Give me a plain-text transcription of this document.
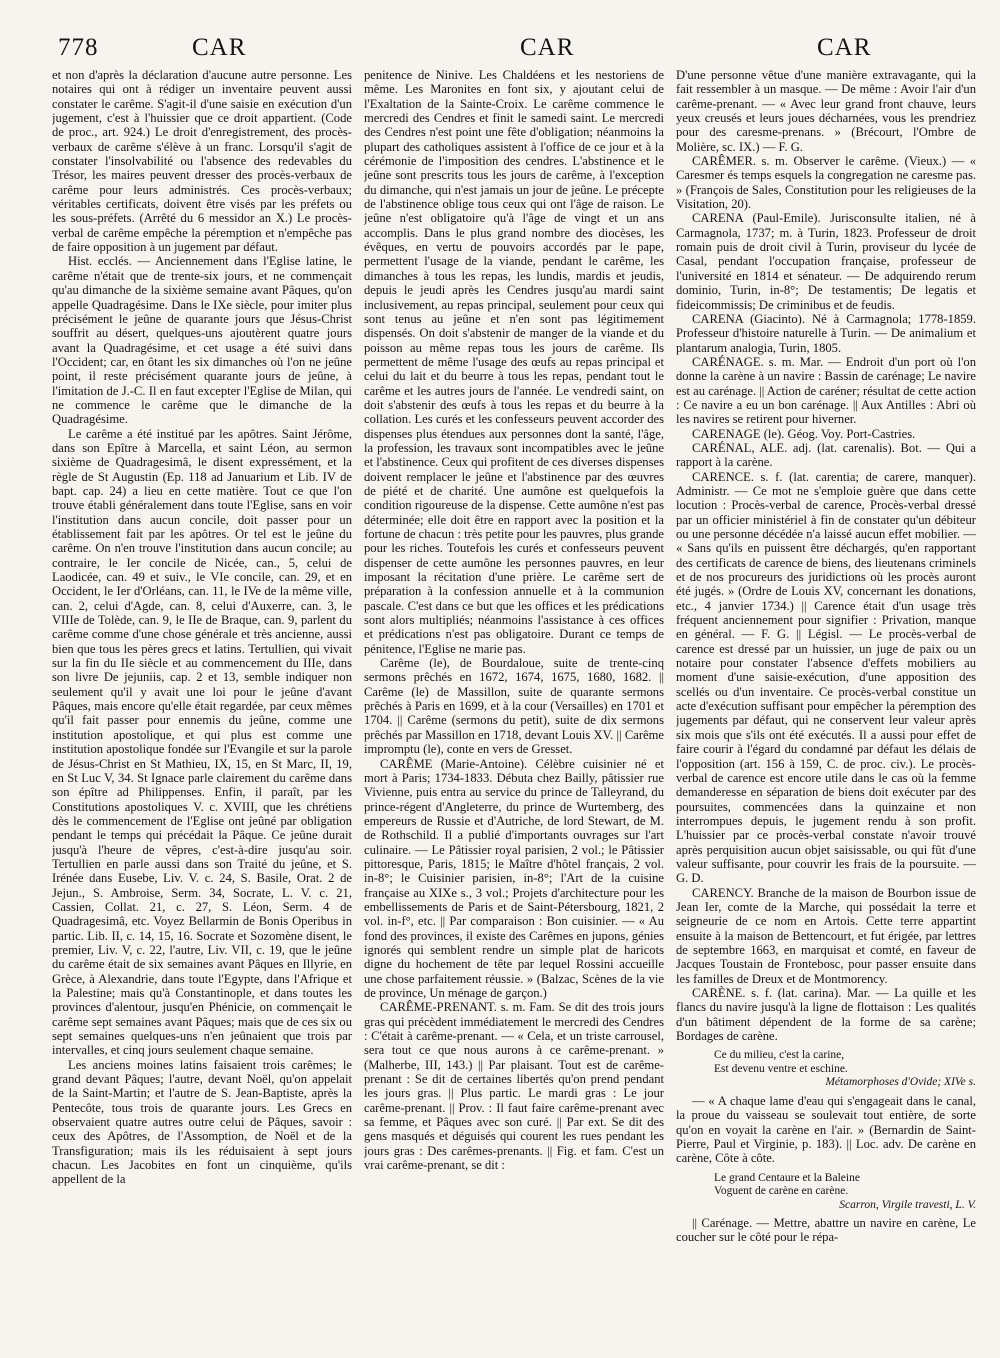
778	CAR	CAR	CAR

et non d'après la déclaration d'aucune autre personne. Les notaires qui ont à rédiger un inventaire peuvent aussi constater le carême. S'agit-il d'une saisie en exécution d'un jugement, c'est à l'huissier que ce droit appartient. (Code de proc., art. 924.) Le droit d'enregistrement, des procès-verbaux de carême s'élève à un franc. Lorsqu'il s'agit de constater l'insolvabilité ou l'absence des redevables du Trésor, les maires peuvent dresser des procès-verbaux de carême pour leurs administrés. Ces procès-verbaux; véritables certificats, doivent être visés par les préfets ou les sous-préfets. (Arrêté du 6 messidor an X.) Le procès-verbal de carême empêche la péremption et n'empêche pas de faire opposition à un jugement par défaut.

Hist. ecclés. — Anciennement dans l'Eglise latine, le carême n'était que de trente-six jours, et ne commençait qu'au dimanche de la sixième semaine avant Pâques, qu'on appelle Quadragésime. Dans le IXe siècle, pour imiter plus précisément le jeûne de quarante jours que Jésus-Christ souffrit au désert, quelques-uns ajoutèrent quatre jours avant la Quadragésime, et cet usage a été suivi dans l'Occident; car, en ôtant les six dimanches où l'on ne jeûne point, il reste précisément quarante jours de jeûne, à l'imitation de J.-C. Il en faut excepter l'Eglise de Milan, qui ne commence le carême que le dimanche de la Quadragésime.

Le carême a été institué par les apôtres. Saint Jérôme, dans son Epître à Marcella, et saint Léon, au sermon sixième de Quadragesimâ, le disent expressément, et la règle de St Augustin (Ep. 118 ad Januarium et Lib. IV de bapt. cap. 24) a lieu en cette matière. Tout ce que l'on trouve établi généralement dans toute l'Eglise, sans en voir l'institution dans aucun concile, doit passer pour un établissement fait par les apôtres. Or tel est le jeûne du carême. On n'en trouve l'institution dans aucun concile; au contraire, le Ier concile de Nicée, can., 5, celui de Laodicée, can. 49 et suiv., le VIe concile, can. 29, et en Occident, le Ier d'Orléans, can. 11, le IVe de la même ville, can. 2, celui d'Agde, can. 8, celui d'Auxerre, can. 3, le VIIIe de Tolède, can. 9, le IIe de Braque, can. 9, parlent du carême comme d'une chose générale et très ancienne, aussi bien que tous les pères grecs et latins. Tertullien, qui vivait sur la fin du IIe siècle et au commencement du IIIe, dans son livre De jejuniis, cap. 2 et 13, semble indiquer non seulement qu'il y avait une loi pour le jeûne d'avant Pâques, mais encore qu'elle était regardée, par ceux mêmes qu'il fait passer pour ennemis du jeûne, comme une institution apostolique, et qui plus est comme une institution apostolique fondée sur l'Evangile et sur la parole de Jésus-Christ en St Mathieu, IX, 15, en St Marc, II, 19, en St Luc V, 34. St Ignace parle clairement du carême dans son épître ad Philippenses. Enfin, il paraît, par les Constitutions apostoliques V. c. XVIII, que les chrétiens dès le commencement de l'Eglise ont jeûné par obligation pendant le temps qui précédait la Pâque. Ce jeûne durait jusqu'à l'heure de vêpres, c'est-à-dire jusqu'au soir. Tertullien en parle aussi dans son Traité du jeûne, et S. Irénée dans Eusebe, Liv. V. c. 24, S. Basile, Orat. 2 de Jejun., S. Ambroise, Serm. 34, Socrate, L. V. c. 21, Cassien, Collat. 21, c. 27, S. Léon, Serm. 4 de Quadragesimâ, etc. Voyez Bellarmin de Bonis Operibus in partic. Lib. II, c. 14, 15, 16. Socrate et Sozomène disent, le premier, Liv. V, c. 22, l'autre, Liv. VII, c. 19, que le jeûne du carême était de six semaines avant Pâques en Illyrie, en Grèce, à Alexandrie, dans toute l'Egypte, dans l'Afrique et la Palestine; mais qu'à Constantinople, et dans toutes les provinces d'alentour, jusqu'en Phénicie, on commençait le carême sept semaines avant Pâques; mais que de ces six ou sept semaines quelques-uns n'en jeûnaient que trois par intervalles, et cinq jours seulement chaque semaine.

Les anciens moines latins faisaient trois carêmes; le grand devant Pâques; l'autre, devant Noël, qu'on appelait de la Saint-Martin; et l'autre de S. Jean-Baptiste, après la Pentecôte, tous trois de quarante jours. Les Grecs en observaient quatre autres outre celui de Pâques, savoir : ceux des Apôtres, de l'Assomption, de Noël et de la Transfiguration; mais ils les réduisaient à sept jours chacun. Les Jacobites en font un cinquième, qu'ils appellent de la

penitence de Ninive. Les Chaldéens et les nestoriens de même. Les Maronites en font six, y ajoutant celui de l'Exaltation de la Sainte-Croix. Le carême commence le mercredi des Cendres et finit le samedi saint. Le mercredi des Cendres n'est point une fête d'obligation; néanmoins la plupart des catholiques assistent à l'office de ce jour et à la cérémonie de l'imposition des cendres. L'abstinence et le jeûne sont prescrits tous les jours de carême, à l'exception du dimanche, qui n'est jamais un jour de jeûne. Le précepte de l'abstinence oblige tous ceux qui ont l'âge de raison. Le jeûne n'est obligatoire qu'à l'âge de vingt et un ans accomplis. Dans le plus grand nombre des diocèses, les évêques, en vertu de pouvoirs accordés par le pape, permettent l'usage de la viande, pendant le carême, les dimanches à tous les repas, les lundis, mardis et jeudis, depuis le jeudi après les Cendres jusqu'au mardi saint inclusivement, au repas principal, seulement pour ceux qui sont tenus au jeûne et n'en sont pas légitimement dispensés. On doit s'abstenir de manger de la viande et du poisson au même repas tous les jours de carême. Ils permettent de même l'usage des œufs au repas principal et celui du lait et du beurre à tous les repas, pendant tout le carême et les autres jours de l'année. Le vendredi saint, on doit s'abstenir des œufs à tous les repas et du beurre à la collation. Les curés et les confesseurs peuvent accorder des dispenses plus étendues aux personnes dont la santé, l'âge, la profession, les travaux sont incompatibles avec le jeûne et l'abstinence. Ceux qui profitent de ces diverses dispenses doivent remplacer le jeûne et l'abstinence par des œuvres de piété et de charité. Une aumône est quelquefois la condition rigoureuse de la dispense. Cette aumône n'est pas déterminée; elle doit être en rapport avec la position et la fortune de chacun : très petite pour les pauvres, plus grande pour les riches. Toutefois les curés et confesseurs peuvent dispenser de cette aumône les personnes pauvres, en leur imposant la récitation d'une prière. Le carême sert de préparation à la confession annuelle et à la communion pascale. C'est dans ce but que les offices et les prédications sont alors multipliés; néanmoins l'assistance à ces offices et prédications n'est pas obligatoire. Durant ce temps de pénitence, l'Eglise ne marie pas.

Carême (le), de Bourdaloue, suite de trente-cinq sermons prêchés en 1672, 1674, 1675, 1680, 1682. || Carême (le) de Massillon, suite de quarante sermons prêchés à Paris en 1699, et à la cour (Versailles) en 1701 et 1704. || Carême (sermons du petit), suite de dix sermons prêchés par Massillon en 1718, devant Louis XV. || Carême impromptu (le), conte en vers de Gresset.

CARÊME (Marie-Antoine). Célèbre cuisinier né et mort à Paris; 1734-1833. Débuta chez Bailly, pâtissier rue Vivienne, puis entra au service du prince de Talleyrand, du prince-régent d'Angleterre, du prince de Wurtemberg, des empereurs de Russie et d'Autriche, de lord Stewart, de M. de Rothschild. Il a publié d'importants ouvrages sur l'art culinaire. — Le Pâtissier royal parisien, 2 vol.; le Pâtissier pittoresque, Paris, 1815; le Maître d'hôtel français, 2 vol. in-8°; le Cuisinier parisien, in-8°; l'Art de la cuisine française au XIXe s., 3 vol.; Projets d'architecture pour les embellissements de Paris et de Saint-Pétersbourg, 1821, 2 vol. in-f°, etc. || Par comparaison : Bon cuisinier. — « Au fond des provinces, il existe des Carêmes en jupons, génies ignorés qui semblent rendre un simple plat de haricots digne du hochement de tête par lequel Rossini accueille une chose parfaitement réussie. » (Balzac, Scènes de la vie de province, Un ménage de garçon.)

CARÊME-PRENANT. s. m. Fam. Se dit des trois jours gras qui précèdent immédiatement le mercredi des Cendres : C'était à carême-prenant. — « Cela, et un triste carrousel, sera tout ce que nous aurons à ce carême-prenant. » (Malherbe, III, 143.) || Par plaisant. Tout est de carême-prenant : Se dit de certaines libertés qu'on prend pendant les jours gras. || Plus partic. Le mardi gras : Le jour carême-prenant. || Prov. : Il faut faire carême-prenant avec sa femme, et Pâques avec son curé. || Par ext. Se dit des gens masqués et déguisés qui courent les rues pendant les jours gras : Des carêmes-prenants. || Fig. et fam. C'est un vrai carême-prenant, se dit :

D'une personne vêtue d'une manière extravagante, qui la fait ressembler à un masque. — De même : Avoir l'air d'un carême-prenant. — « Avec leur grand front chauve, leurs yeux creusés et leurs joues décharnées, vous les prendriez pour des caresme-prenans. » (Brécourt, l'Ombre de Molière, sc. IX.) — F. G.

CARÊMER. s. m. Observer le carême. (Vieux.) — « Caresmer és temps esquels la congregation ne caresme pas. » (François de Sales, Constitution pour les religieuses de la Visitation, 20).

CARENA (Paul-Emile). Jurisconsulte italien, né à Carmagnola, 1737; m. à Turin, 1823. Professeur de droit romain puis de droit civil à Turin, proviseur du lycée de Casal, pendant l'occupation française, professeur de l'université en 1814 et sénateur. — De adquirendo rerum dominio, Turin, in-8°; De testamentis; De legatis et fideicommissis; De criminibus et de feudis.

CARENA (Giacinto). Né à Carmagnola; 1778-1859. Professeur d'histoire naturelle à Turin. — De animalium et plantarum analogia, Turin, 1805.

CARÉNAGE. s. m. Mar. — Endroit d'un port où l'on donne la carène à un navire : Bassin de carénage; Le navire est au carénage. || Action de caréner; résultat de cette action : Ce navire a eu un bon carénage. || Aux Antilles : Abri où les navires se retirent pour hiverner.

CARENAGE (le). Géog. Voy. Port-Castries.

CARÉNAL, ALE. adj. (lat. carenalis). Bot. — Qui a rapport à la carène.

CARENCE. s. f. (lat. carentia; de carere, manquer). Administr. — Ce mot ne s'emploie guère que dans cette locution : Procès-verbal de carence, Procès-verbal dressé par un officier ministériel à fin de constater qu'un débiteur ou une personne décédée n'a laissé aucun effet mobilier. — « Sans qu'ils en puissent être déchargés, qu'en rapportant des certificats de carence de biens, des lieutenans criminels et de nos procureurs des juridictions où les procès auront été jugés. » (Ordre de Louis XV, concernant les donations, etc., 4 janvier 1734.) || Carence était d'un usage très fréquent anciennement pour signifier : Privation, manque en général. — F. G. || Législ. — Le procès-verbal de carence est dressé par un huissier, un juge de paix ou un notaire pour constater l'absence d'effets mobiliers au moment d'une saisie-exécution, d'une apposition des scellés ou d'un inventaire. Ce procès-verbal constitue un acte d'exécution suffisant pour empêcher la péremption des jugements par défaut, qui ne conservent leur valeur après six mois que s'ils ont été exécutés. Il a aussi pour effet de faire courir à l'égard du condamné par défaut les délais de l'opposition (art. 156 à 159, C. de proc. civ.). Le procès-verbal de carence est encore utile dans le cas où la femme demanderesse en séparation de biens doit exécuter par des poursuites, commencées dans la quinzaine et non interrompues depuis, le jugement rendu à son profit. L'huissier par ce procès-verbal constate n'avoir trouvé après perquisition aucun objet saisissable, ou qui fût d'une valeur suffisante, pour couvrir les frais de la poursuite. — G. D.

CARENCY. Branche de la maison de Bourbon issue de Jean Ier, comte de la Marche, qui possédait la terre et seigneurie de ce nom en Artois. Cette terre appartint ensuite à la maison de Bettencourt, et fut érigée, par lettres de septembre 1663, en marquisat et comté, en faveur de Jacques Toustain de Frontebosc, pour passer ensuite dans les familles de Dreux et de Montmorency.

CARÈNE. s. f. (lat. carina). Mar. — La quille et les flancs du navire jusqu'à la ligne de flottaison : Les qualités d'un bâtiment dépendent de la forme de sa carène; Bordages de carène.

Ce du milieu, c'est la carine,
Est devenu ventre et eschine.
Métamorphoses d'Ovide; XIVe s.

— « A chaque lame d'eau qui s'engageait dans le canal, la proue du vaisseau se soulevait tout entière, de sorte qu'on en voyait la carène en l'air. » (Bernardin de Saint-Pierre, Paul et Virginie, p. 183). || Loc. adv. De carène en carène, Côte à côte.

Le grand Centaure et la Baleine
Voguent de carène en carène.
Scarron, Virgile travesti, L. V.

|| Carénage. — Mettre, abattre un navire en carène, Le coucher sur le côté pour le répa-
